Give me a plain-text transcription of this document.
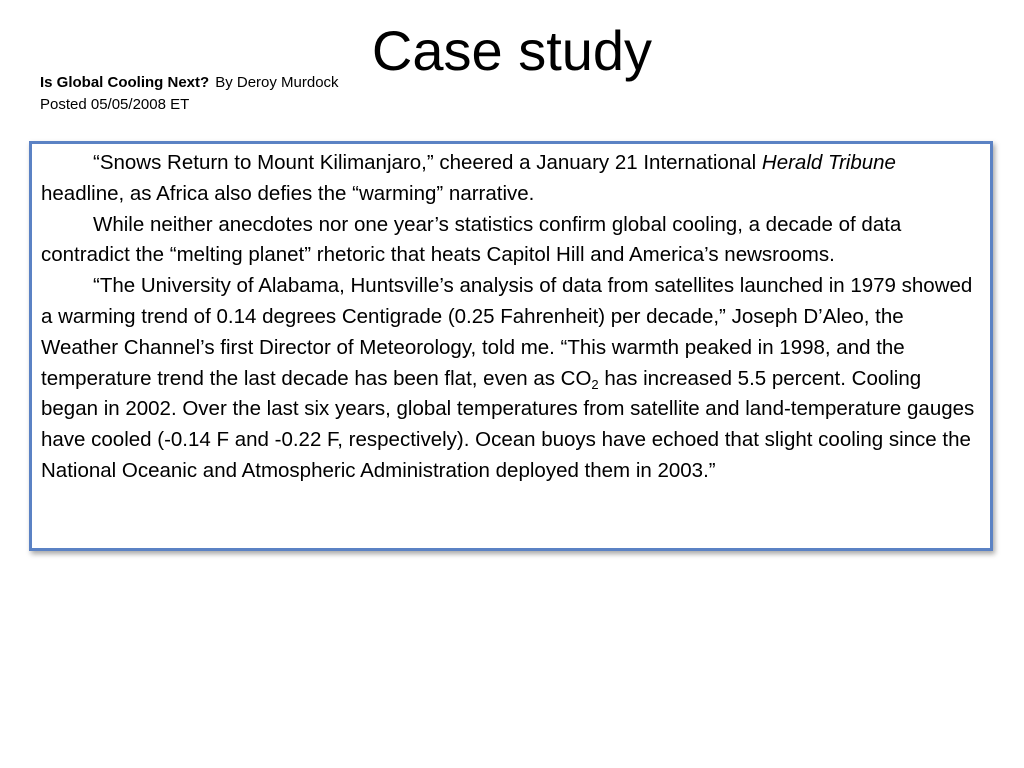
Case study
Is Global Cooling Next? By Deroy Murdock
Posted 05/05/2008 ET

“Snows Return to Mount Kilimanjaro,” cheered a January 21 International Herald Tribune headline, as Africa also defies the “warming” narrative.

While neither anecdotes nor one year’s statistics confirm global cooling, a decade of data contradict the “melting planet” rhetoric that heats Capitol Hill and America’s newsrooms.

“The University of Alabama, Huntsville’s analysis of data from satellites launched in 1979 showed a warming trend of 0.14 degrees Centigrade (0.25 Fahrenheit) per decade,” Joseph D’Aleo, the Weather Channel’s first Director of Meteorology, told me. “This warmth peaked in 1998, and the temperature trend the last decade has been flat, even as $CO_2$ has increased 5.5 percent. Cooling began in 2002. Over the last six years, global temperatures from satellite and land-temperature gauges have cooled (-0.14 F and -0.22 F, respectively). Ocean buoys have echoed that slight cooling since the National Oceanic and Atmospheric Administration deployed them in 2003.”
